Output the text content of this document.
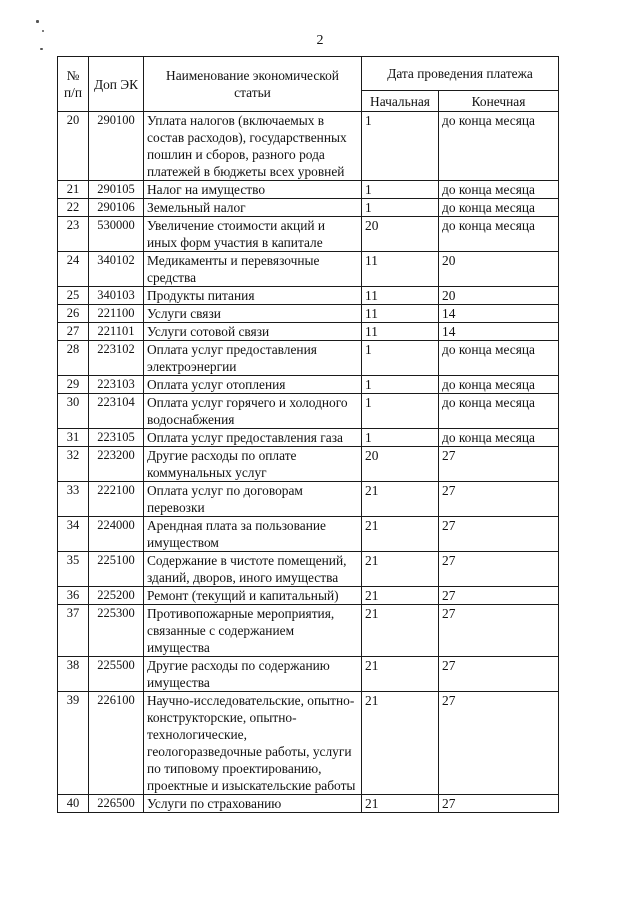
2
№ п/п	Доп ЭК	Наименование экономической статьи	Дата проведения платежа	
			Начальная	Конечная
20	290100	Уплата налогов (включаемых в состав расходов), государственных пошлин и сборов, разного рода платежей в бюджеты всех уровней	1	до конца месяца
21	290105	Налог на имущество	1	до конца месяца
22	290106	Земельный налог	1	до конца месяца
23	530000	Увеличение стоимости акций и иных форм участия в капитале	20	до конца месяца
24	340102	Медикаменты и перевязочные средства	11	20
25	340103	Продукты питания	11	20
26	221100	Услуги связи	11	14
27	221101	Услуги сотовой связи	11	14
28	223102	Оплата услуг предоставления электроэнергии	1	до конца месяца
29	223103	Оплата услуг отопления	1	до конца месяца
30	223104	Оплата услуг горячего и холодного водоснабжения	1	до конца месяца
31	223105	Оплата услуг предоставления газа	1	до конца месяца
32	223200	Другие расходы по оплате коммунальных услуг	20	27
33	222100	Оплата услуг по договорам перевозки	21	27
34	224000	Арендная плата за пользование имуществом	21	27
35	225100	Содержание в чистоте помещений, зданий, дворов, иного имущества	21	27
36	225200	Ремонт (текущий и капитальный)	21	27
37	225300	Противопожарные мероприятия, связанные с содержанием имущества	21	27
38	225500	Другие расходы по содержанию имущества	21	27
39	226100	Научно-исследовательские, опытно-конструкторские, опытно-технологические, геологоразведочные работы, услуги по типовому проектированию, проектные и изыскательские работы	21	27
40	226500	Услуги по страхованию	21	27
